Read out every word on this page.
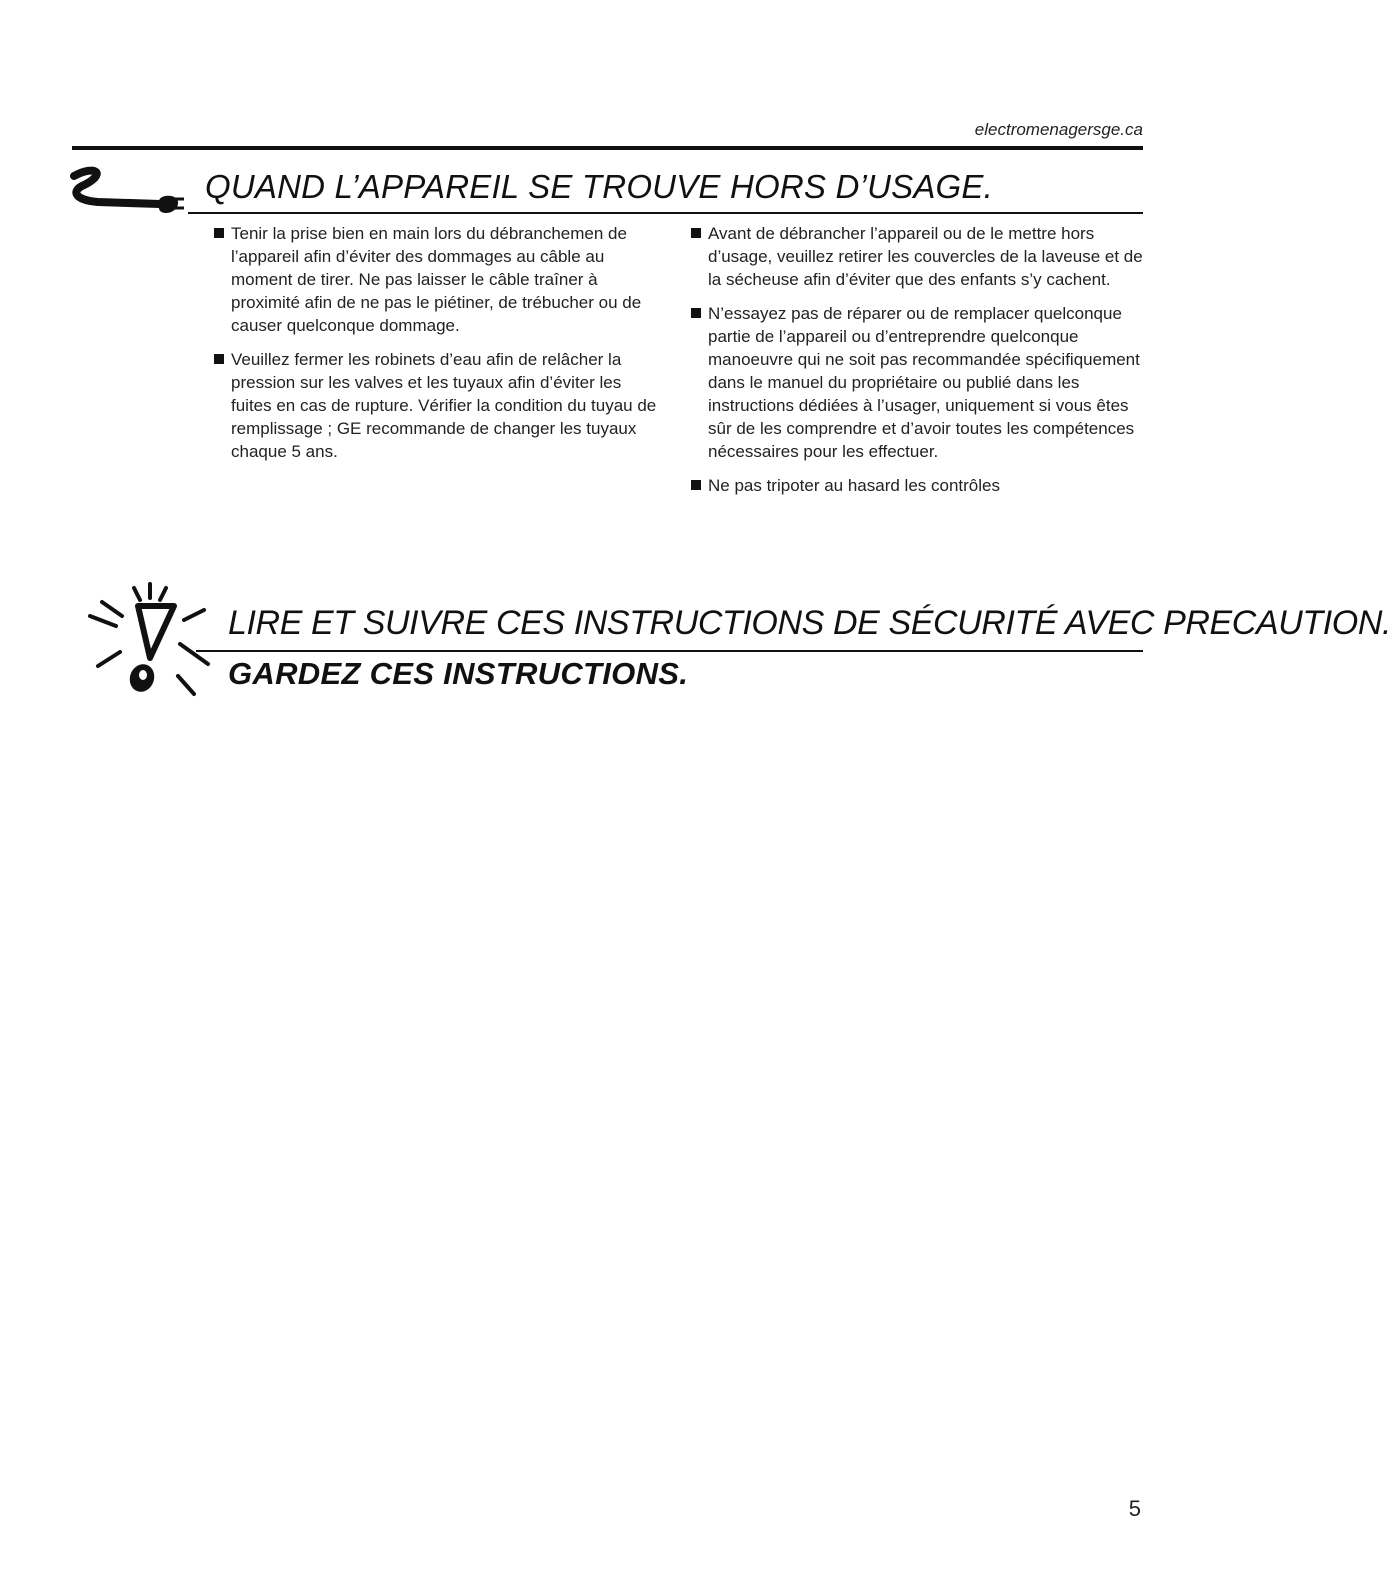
electromenagersge.ca
QUAND L’APPAREIL SE TROUVE HORS D’USAGE.
Tenir la prise bien en main lors du débranchemen de l’appareil afin d’éviter des dommages au câble au moment de tirer. Ne pas laisser le câble traîner à proximité afin de ne pas le piétiner, de trébucher ou de causer quelconque dommage.
Veuillez fermer les robinets d’eau afin de relâcher la pression sur les valves et les tuyaux afin d’éviter les fuites en cas de rupture. Vérifier la condition du tuyau de remplissage ; GE recommande de changer les tuyaux chaque 5 ans.
Avant de débrancher l’appareil ou de le mettre hors d’usage, veuillez retirer les couvercles de la laveuse et de la sécheuse afin d’éviter que des enfants s’y cachent.
N’essayez pas de réparer ou de remplacer quelconque partie de l’appareil ou d’entreprendre quelconque manoeuvre qui ne soit pas recommandée spécifiquement dans le manuel du propriétaire ou publié dans les instructions dédiées à l’usager, uniquement si vous êtes sûr de les comprendre et d’avoir toutes les compétences nécessaires pour les effectuer.
Ne pas tripoter au hasard les contrôles
LIRE ET SUIVRE CES INSTRUCTIONS DE SÉCURITÉ AVEC PRECAUTION.
GARDEZ CES INSTRUCTIONS.
5
